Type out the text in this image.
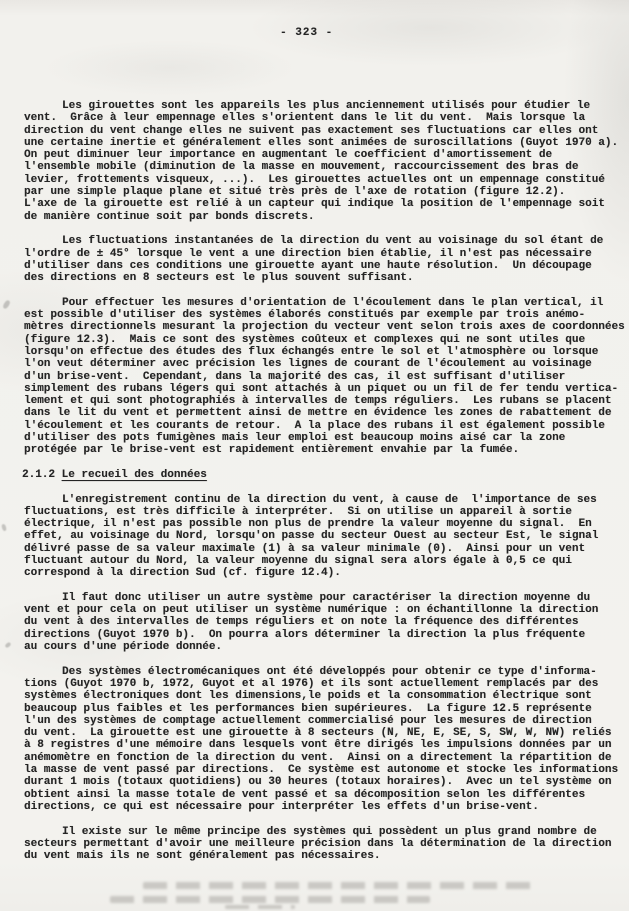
- 323 -
Les girouettes sont les appareils les plus anciennement utilisés pour étudier le
vent.  Grâce à leur empennage elles s'orientent dans le lit du vent.  Mais lorsque la
direction du vent change elles ne suivent pas exactement ses fluctuations car elles ont
une certaine inertie et généralement elles sont animées de suroscillations (Guyot 1970 a).
On peut diminuer leur importance en augmentant le coefficient d'amortissement de
l'ensemble mobile (diminution de la masse en mouvement, raccourcissement des bras de
levier, frottements visqueux, ...).  Les girouettes actuelles ont un empennage constitué
par une simple plaque plane et situé très près de l'axe de rotation (figure 12.2).
L'axe de la girouette est relié à un capteur qui indique la position de l'empennage soit
de manière continue soit par bonds discrets.
Les fluctuations instantanées de la direction du vent au voisinage du sol étant de
l'ordre de ± 45° lorsque le vent a une direction bien établie, il n'est pas nécessaire
d'utiliser dans ces conditions une girouette ayant une haute résolution.  Un découpage
des directions en 8 secteurs est le plus souvent suffisant.
Pour effectuer les mesures d'orientation de l'écoulement dans le plan vertical, il
est possible d'utiliser des systèmes élaborés constitués par exemple par trois anémo-
mètres directionnels mesurant la projection du vecteur vent selon trois axes de coordonnées
(figure 12.3).  Mais ce sont des systèmes coûteux et complexes qui ne sont utiles que
lorsqu'on effectue des études des flux échangés entre le sol et l'atmosphère ou lorsque
l'on veut déterminer avec précision les lignes de courant de l'écoulement au voisinage
d'un brise-vent.  Cependant, dans la majorité des cas, il est suffisant d'utiliser
simplement des rubans légers qui sont attachés à un piquet ou un fil de fer tendu vertica-
lement et qui sont photographiés à intervalles de temps réguliers.  Les rubans se placent
dans le lit du vent et permettent ainsi de mettre en évidence les zones de rabattement de
l'écoulement et les courants de retour.  A la place des rubans il est également possible
d'utiliser des pots fumigènes mais leur emploi est beaucoup moins aisé car la zone
protégée par le brise-vent est rapidement entièrement envahie par la fumée.
2.1.2 Le recueil des données
L'enregistrement continu de la direction du vent, à cause de  l'importance de ses
fluctuations, est très difficile à interpréter.  Si on utilise un appareil à sortie
électrique, il n'est pas possible non plus de prendre la valeur moyenne du signal.  En
effet, au voisinage du Nord, lorsqu'on passe du secteur Ouest au secteur Est, le signal
délivré passe de sa valeur maximale (1) à sa valeur minimale (0).  Ainsi pour un vent
fluctuant autour du Nord, la valeur moyenne du signal sera alors égale à 0,5 ce qui
correspond à la direction Sud (cf. figure 12.4).
Il faut donc utiliser un autre système pour caractériser la direction moyenne du
vent et pour cela on peut utiliser un système numérique : on échantillonne la direction
du vent à des intervalles de temps réguliers et on note la fréquence des différentes
directions (Guyot 1970 b).  On pourra alors déterminer la direction la plus fréquente
au cours d'une période donnée.
Des systèmes électromécaniques ont été développés pour obtenir ce type d'informa-
tions (Guyot 1970 b, 1972, Guyot et al 1976) et ils sont actuellement remplacés par des
systèmes électroniques dont les dimensions,le poids et la consommation électrique sont
beaucoup plus faibles et les performances bien supérieures.  La figure 12.5 représente
l'un des systèmes de comptage actuellement commercialisé pour les mesures de direction
du vent.  La girouette est une girouette à 8 secteurs (N, NE, E, SE, S, SW, W, NW) reliés
à 8 registres d'une mémoire dans lesquels vont être dirigés les impulsions données par un
anémomètre en fonction de la direction du vent.  Ainsi on a directement la répartition de
la masse de vent passé par directions.  Ce système est autonome et stocke les informations
durant 1 mois (totaux quotidiens) ou 30 heures (totaux horaires).  Avec un tel système on
obtient ainsi la masse totale de vent passé et sa décomposition selon les différentes
directions, ce qui est nécessaire pour interpréter les effets d'un brise-vent.
Il existe sur le même principe des systèmes qui possèdent un plus grand nombre de
secteurs permettant d'avoir une meilleure précision dans la détermination de la direction
du vent mais ils ne sont généralement pas nécessaires.
